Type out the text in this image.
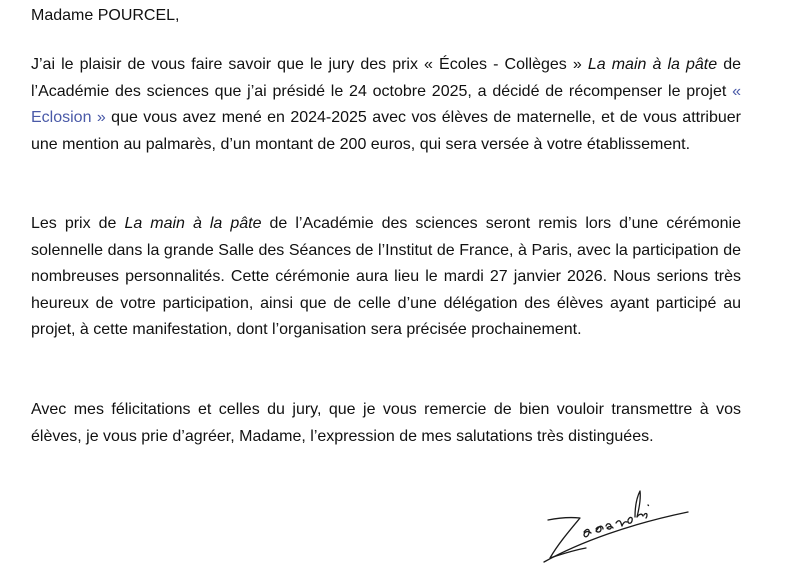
Madame POURCEL,

J’ai le plaisir de vous faire savoir que le jury des prix « Écoles - Collèges » La main à la pâte de l’Académie des sciences que j’ai présidé le 24 octobre 2025, a décidé de récompenser le projet « Eclosion » que vous avez mené en 2024-2025 avec vos élèves de maternelle, et de vous attribuer une mention au palmarès, d’un montant de 200 euros, qui sera versée à votre établissement.

Les prix de La main à la pâte de l’Académie des sciences seront remis lors d’une cérémonie solennelle dans la grande Salle des Séances de l’Institut de France, à Paris, avec la participation de nombreuses personnalités. Cette cérémonie aura lieu le mardi 27 janvier 2026. Nous serions très heureux de votre participation, ainsi que de celle d’une délégation des élèves ayant participé au projet, à cette manifestation, dont l’organisation sera précisée prochainement.

Avec mes félicitations et celles du jury, que je vous remercie de bien vouloir transmettre à vos élèves, je vous prie d’agréer, Madame, l’expression de mes salutations très distinguées.
